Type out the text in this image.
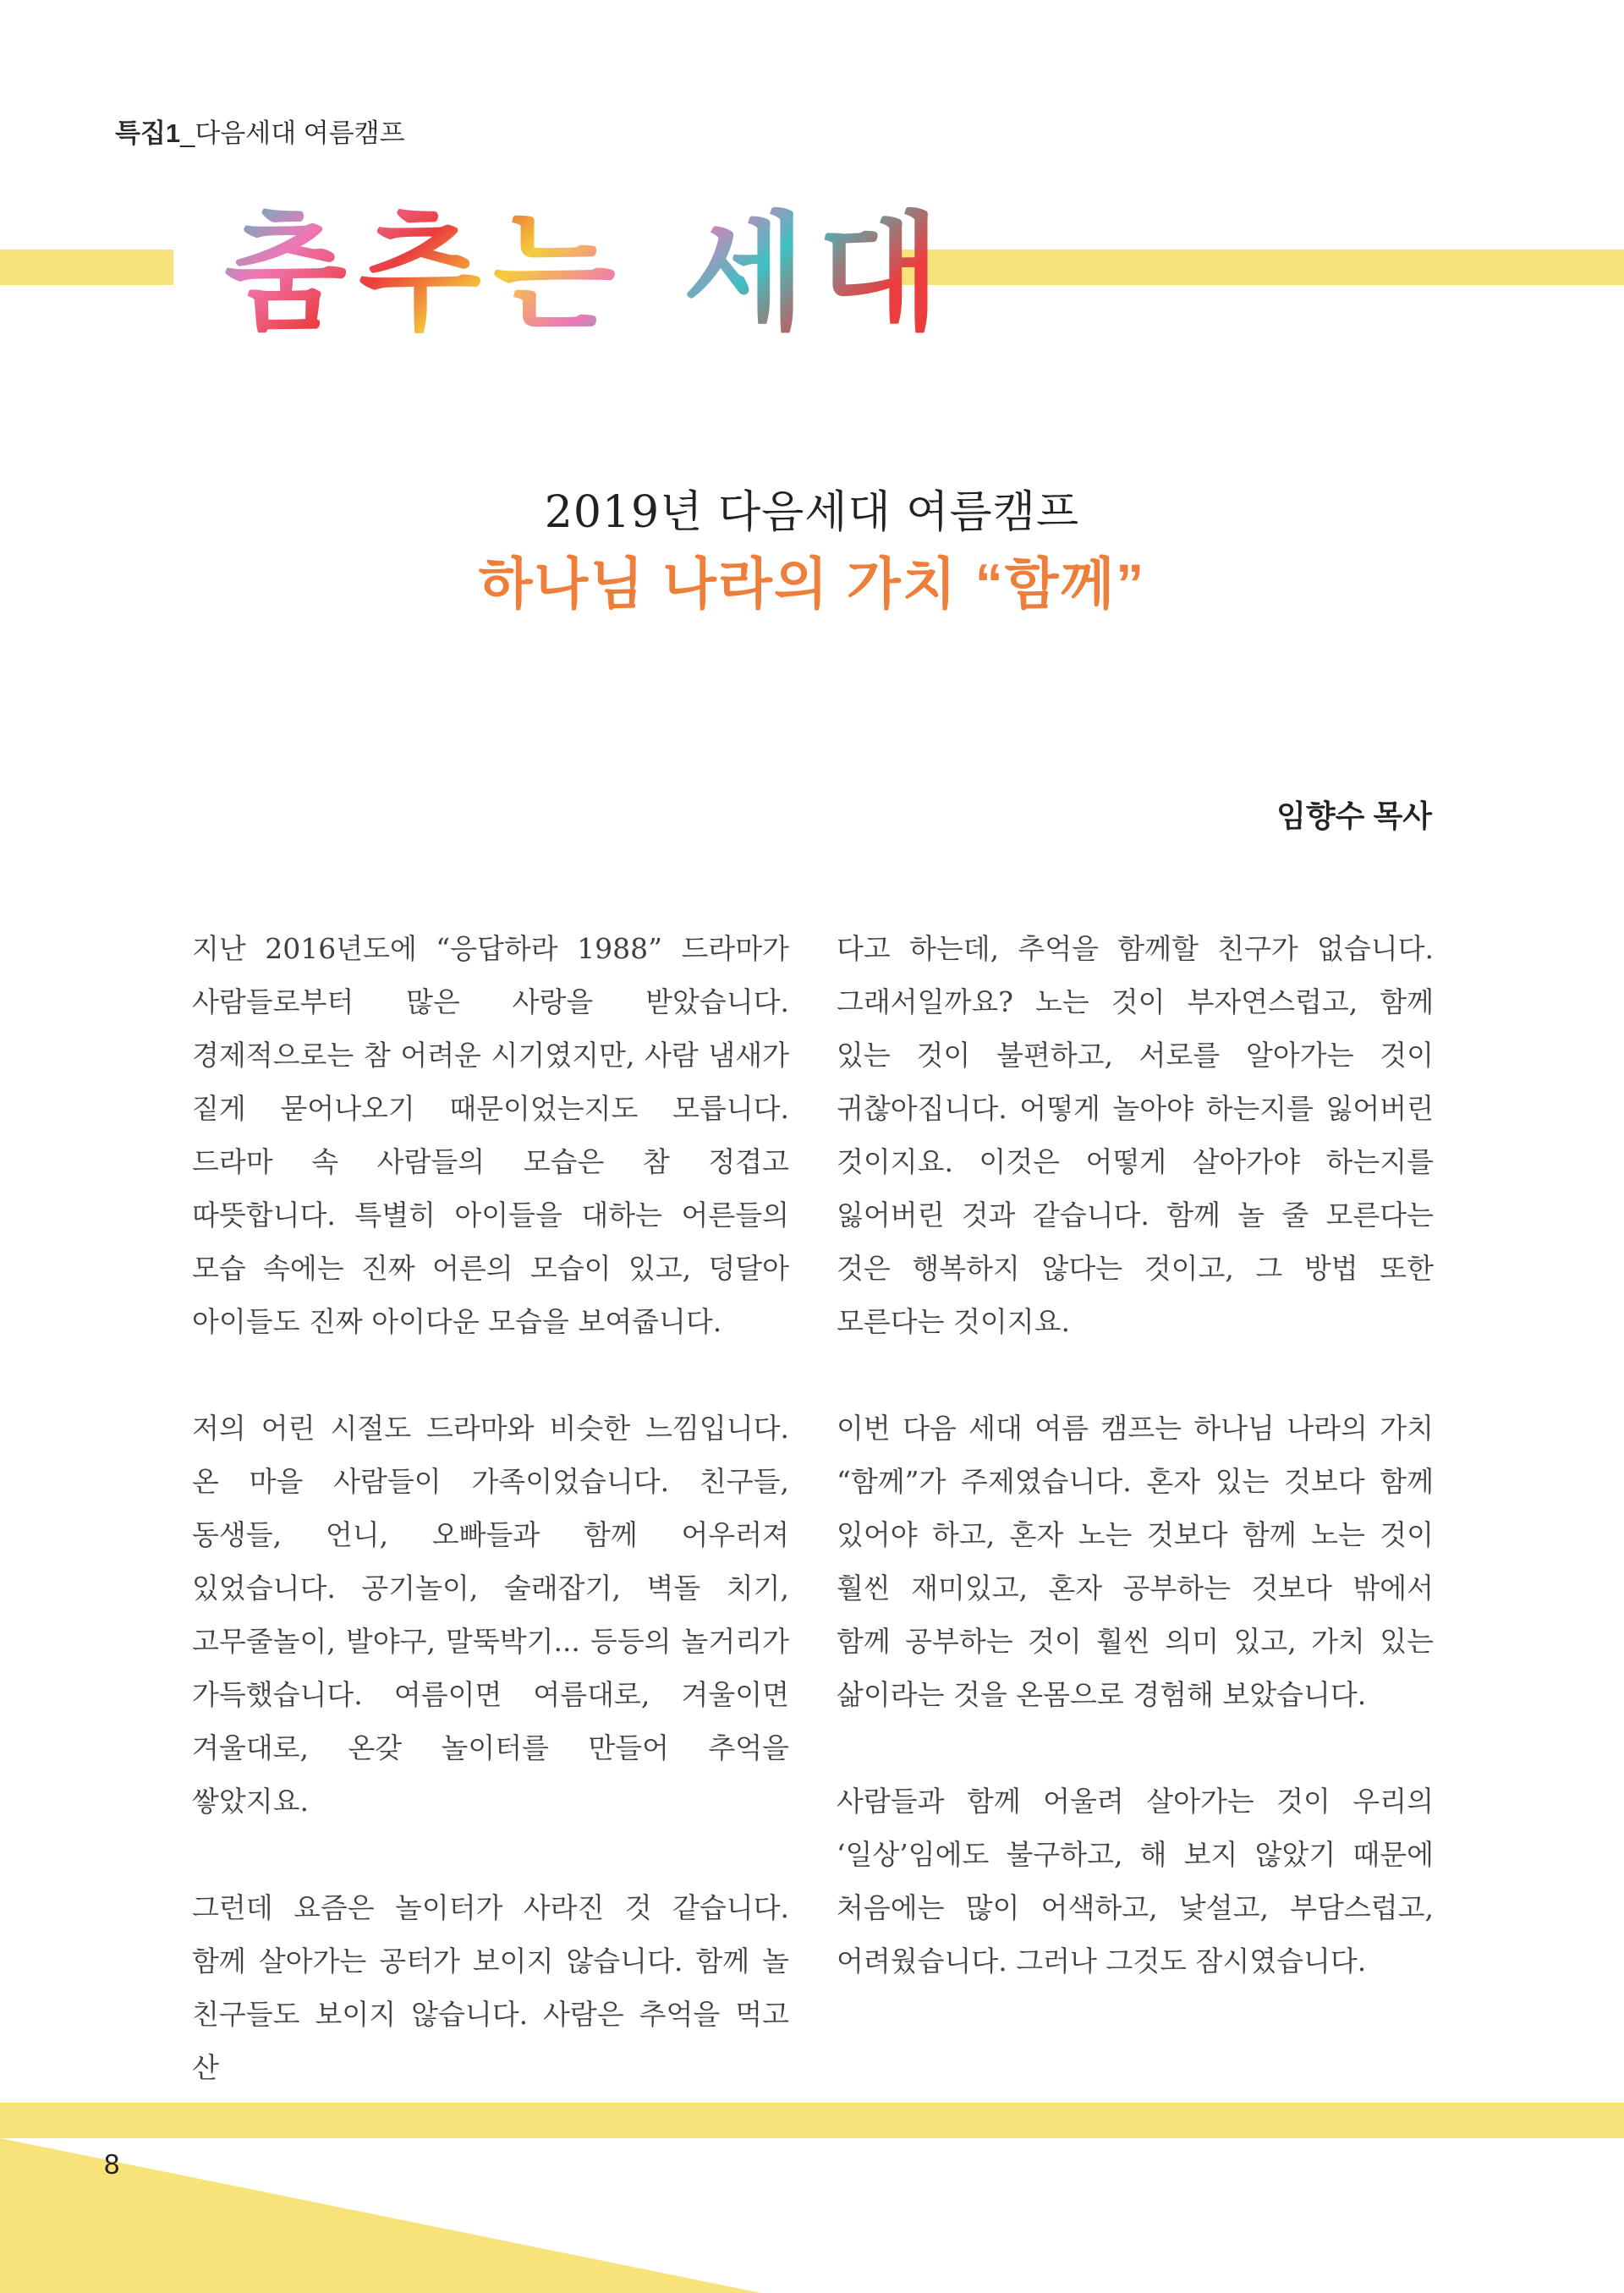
특집1_다음세대 여름캠프
춤추는 세대
2019년 다음세대 여름캠프
하나님 나라의 가치 “함께”
임향수 목사

지난 2016년도에 “응답하라 1988” 드라마가 사람들로부터 많은 사랑을 받았습니다. 경제적으로는 참 어려운 시기였지만, 사람 냄새가 짙게 묻어나오기 때문이었는지도 모릅니다. 드라마 속 사람들의 모습은 참 정겹고 따뜻합니다. 특별히 아이들을 대하는 어른들의 모습 속에는 진짜 어른의 모습이 있고, 덩달아 아이들도 진짜 아이다운 모습을 보여줍니다.

저의 어린 시절도 드라마와 비슷한 느낌입니다. 온 마을 사람들이 가족이었습니다. 친구들, 동생들, 언니, 오빠들과 함께 어우러져 있었습니다. 공기놀이, 술래잡기, 벽돌 치기, 고무줄놀이, 발야구, 말뚝박기... 등등의 놀거리가 가득했습니다. 여름이면 여름대로, 겨울이면 겨울대로, 온갖 놀이터를 만들어 추억을 쌓았지요.

그런데 요즘은 놀이터가 사라진 것 같습니다. 함께 살아가는 공터가 보이지 않습니다. 함께 놀 친구들도 보이지 않습니다. 사람은 추억을 먹고 산

다고 하는데, 추억을 함께할 친구가 없습니다. 그래서일까요? 노는 것이 부자연스럽고, 함께 있는 것이 불편하고, 서로를 알아가는 것이 귀찮아집니다. 어떻게 놀아야 하는지를 잃어버린 것이지요. 이것은 어떻게 살아가야 하는지를 잃어버린 것과 같습니다. 함께 놀 줄 모른다는 것은 행복하지 않다는 것이고, 그 방법 또한 모른다는 것이지요.

이번 다음 세대 여름 캠프는 하나님 나라의 가치 “함께”가 주제였습니다. 혼자 있는 것보다 함께 있어야 하고, 혼자 노는 것보다 함께 노는 것이 훨씬 재미있고, 혼자 공부하는 것보다 밖에서 함께 공부하는 것이 훨씬 의미 있고, 가치 있는 삶이라는 것을 온몸으로 경험해 보았습니다.

사람들과 함께 어울려 살아가는 것이 우리의 ‘일상’임에도 불구하고, 해 보지 않았기 때문에 처음에는 많이 어색하고, 낯설고, 부담스럽고, 어려웠습니다. 그러나 그것도 잠시였습니다.

8
